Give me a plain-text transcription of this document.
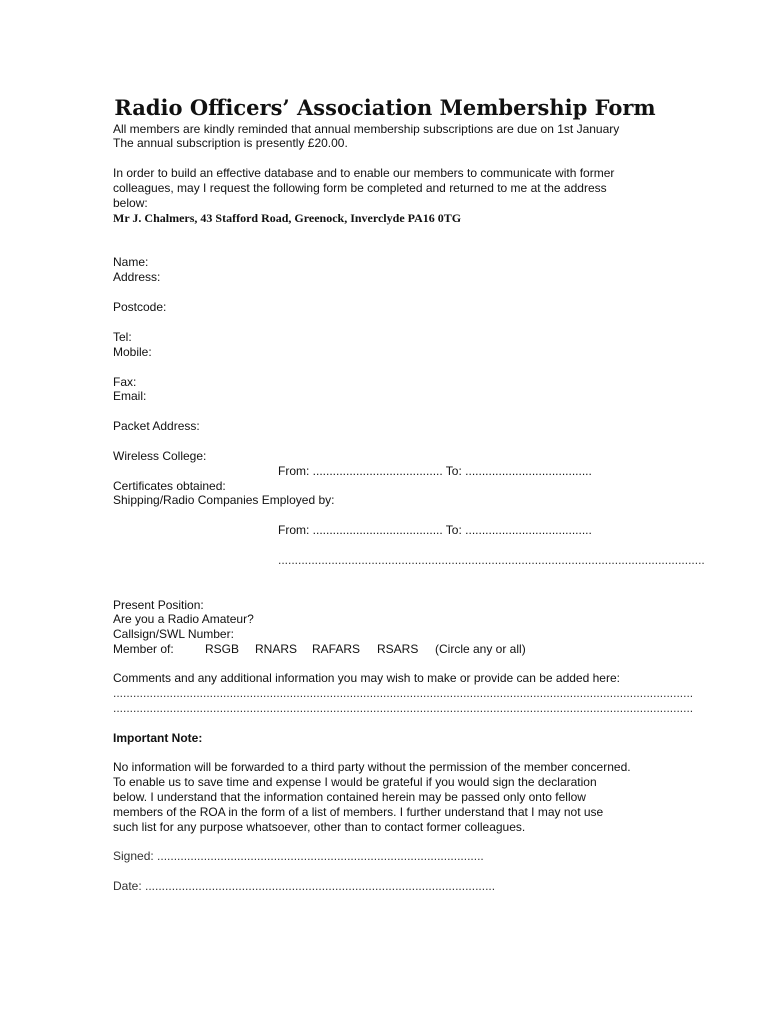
Radio Officers’ Association Membership Form
All members are kindly reminded that annual membership subscriptions are due on 1st January
The annual subscription is presently £20.00.
In order to build an effective database and to enable our members to communicate with former
colleagues, may I request the following form be completed and returned to me at the address
below:
Mr J. Chalmers, 43 Stafford Road, Greenock, Inverclyde PA16 0TG
Name:
Address:
Postcode:
Tel:
Mobile:
Fax:
Email:
Packet Address:
Wireless College:
From: ....................................... To: ......................................
Certificates obtained:
Shipping/Radio Companies Employed by:
From: ....................................... To: ......................................
................................................................................................................................
Present Position:
Are you a Radio Amateur?
Callsign/SWL Number:
Member of:	RSGB RNARS RAFARS RSARS (Circle any or all)
Comments and any additional information you may wish to make or provide can be added here:
..............................................................................................................................................................................
..............................................................................................................................................................................
Important Note:
No information will be forwarded to a third party without the permission of the member concerned.
To enable us to save time and expense I would be grateful if you would sign the declaration
below. I understand that the information contained herein may be passed only onto fellow
members of the ROA in the form of a list of members. I further understand that I may not use
such list for any purpose whatsoever, other than to contact former colleagues.
Signed: ..................................................................................................
Date: .........................................................................................................
